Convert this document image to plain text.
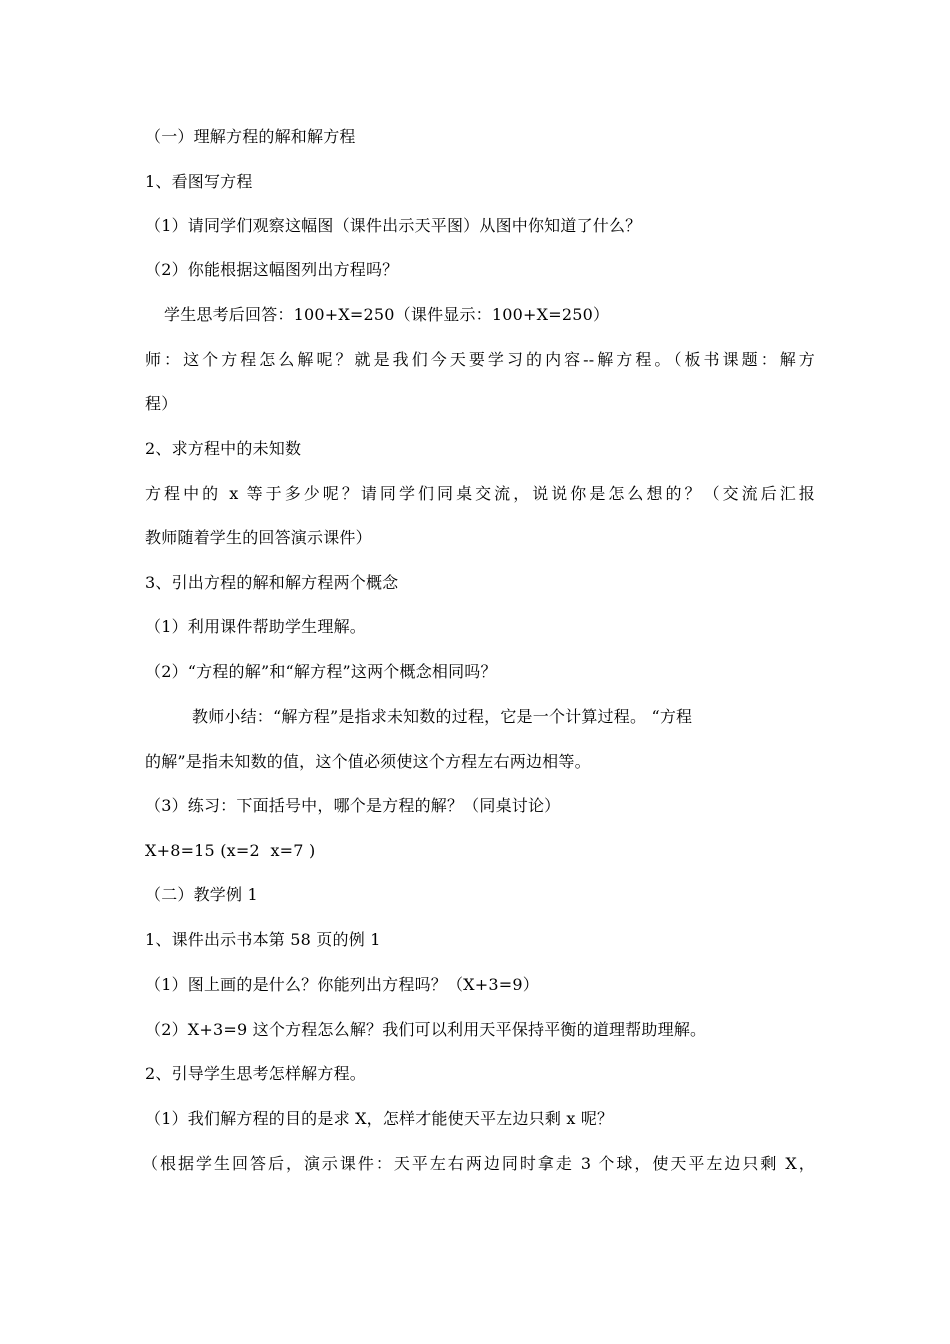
（一）理解方程的解和解方程
1、看图写方程
（1）请同学们观察这幅图（课件出示天平图）从图中你知道了什么？
（2）你能根据这幅图列出方程吗？
学生思考后回答：100+X=250（课件显示：100+X=250）
师：这个方程怎么解呢？就是我们今天要学习的内容--解方程。（板书课题：解方
程）
2、求方程中的未知数
方程中的 x 等于多少呢？请同学们同桌交流，说说你是怎么想的？（交流后汇报
教师随着学生的回答演示课件）
3、引出方程的解和解方程两个概念
（1）利用课件帮助学生理解。
（2）“方程的解”和“解方程”这两个概念相同吗？
教师小结：“解方程”是指求未知数的过程，它是一个计算过程。 “方程
的解”是指未知数的值，这个值必须使这个方程左右两边相等。
（3）练习：下面括号中，哪个是方程的解？（同桌讨论）
X+8=15 (x=2  x=7 )
（二）教学例 1
1、课件出示书本第 58 页的例 1
（1）图上画的是什么？你能列出方程吗？（X+3=9）
（2）X+3=9 这个方程怎么解？我们可以利用天平保持平衡的道理帮助理解。
2、引导学生思考怎样解方程。
（1）我们解方程的目的是求 X，怎样才能使天平左边只剩 x 呢？
（根据学生回答后，演示课件：天平左右两边同时拿走 3 个球，使天平左边只剩 X，
